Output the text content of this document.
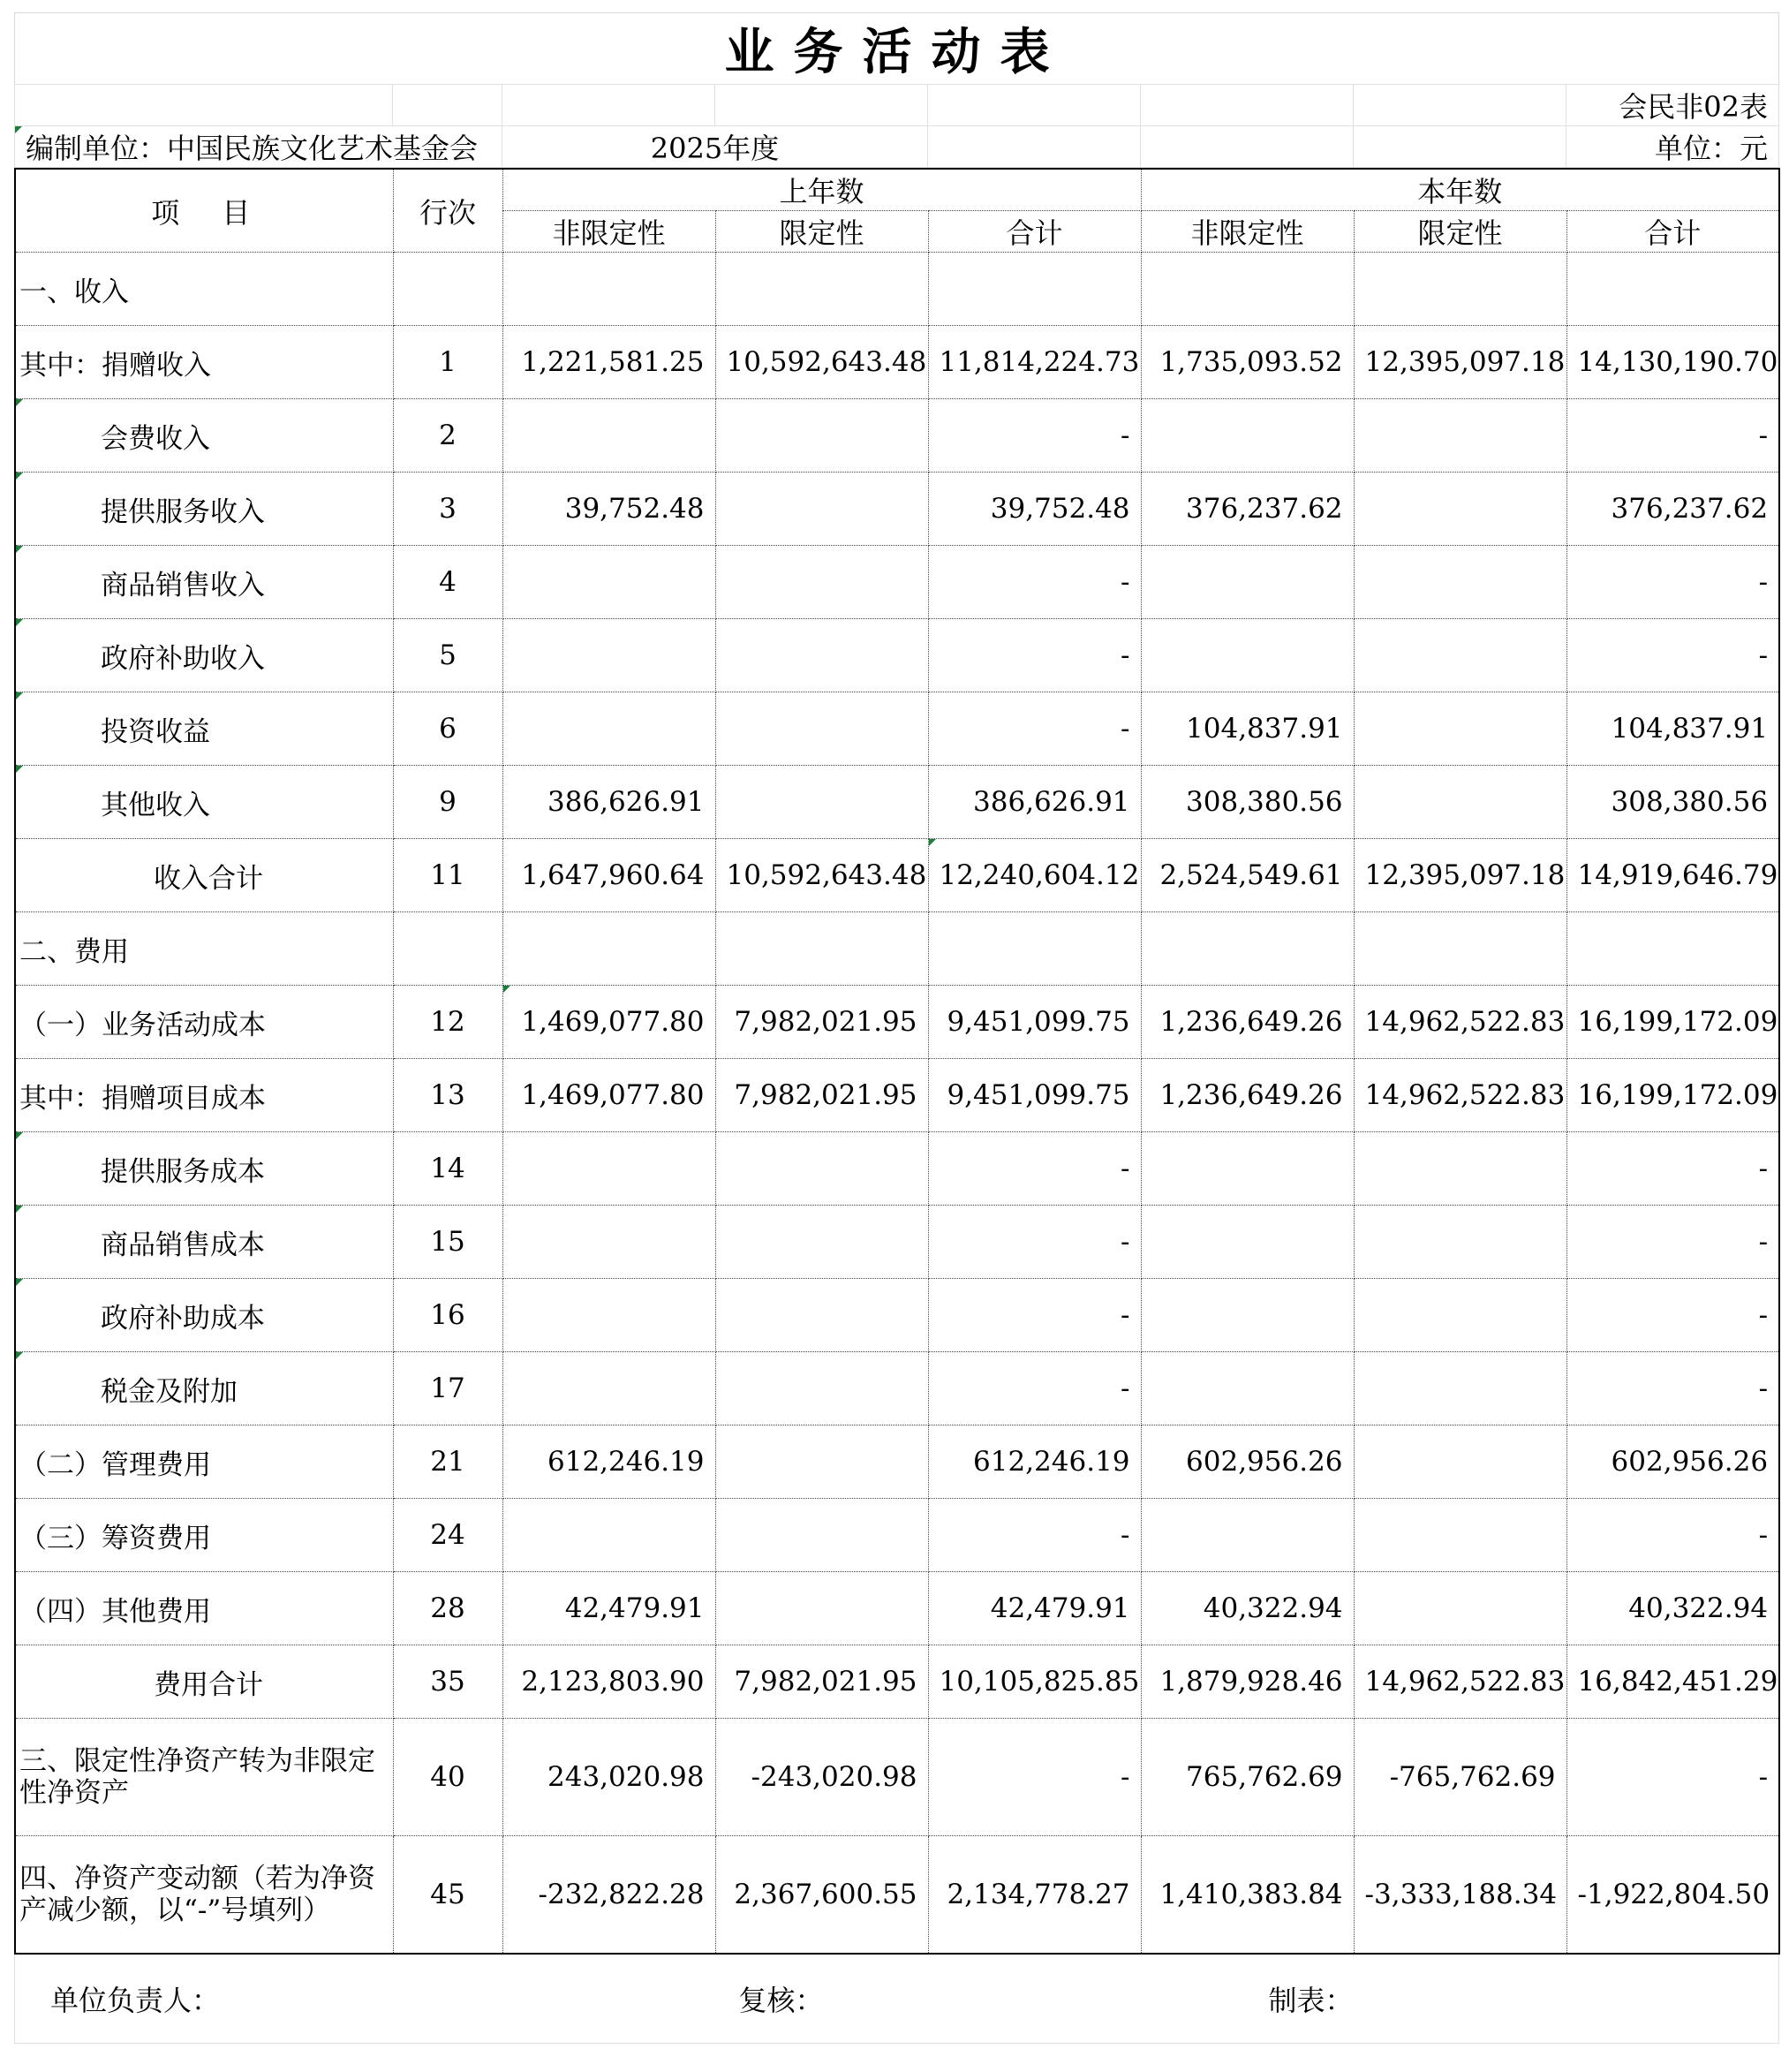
业务活动表							
							会民非02表
编制单位：中国民族文化艺术基金会		2025年度					单位：元
项　目	行次	上年数			本年数		
		非限定性	限定性	合计	非限定性	限定性	合计
一、收入							
其中：捐赠收入	1	1,221,581.25	10,592,643.48	11,814,224.73	1,735,093.52	12,395,097.18	14,130,190.70
会费收入	2			-			-
提供服务收入	3	39,752.48		39,752.48	376,237.62		376,237.62
商品销售收入	4			-			-
政府补助收入	5			-			-
投资收益	6			-	104,837.91		104,837.91
其他收入	9	386,626.91		386,626.91	308,380.56		308,380.56
收入合计	11	1,647,960.64	10,592,643.48	12,240,604.12	2,524,549.61	12,395,097.18	14,919,646.79
二、费用							
（一）业务活动成本	12	1,469,077.80	7,982,021.95	9,451,099.75	1,236,649.26	14,962,522.83	16,199,172.09
其中：捐赠项目成本	13	1,469,077.80	7,982,021.95	9,451,099.75	1,236,649.26	14,962,522.83	16,199,172.09
提供服务成本	14			-			-
商品销售成本	15			-			-
政府补助成本	16			-			-
税金及附加	17			-			-
（二）管理费用	21	612,246.19		612,246.19	602,956.26		602,956.26
（三）筹资费用	24			-			-
（四）其他费用	28	42,479.91		42,479.91	40,322.94		40,322.94
费用合计	35	2,123,803.90	7,982,021.95	10,105,825.85	1,879,928.46	14,962,522.83	16,842,451.29
三、限定性净资产转为非限定性净资产	40	243,020.98	-243,020.98	-	765,762.69	-765,762.69	-
四、净资产变动额（若为净资产减少额，以“-”号填列）	45	-232,822.28	2,367,600.55	2,134,778.27	1,410,383.84	-3,333,188.34	-1,922,804.50
单位负责人：	复核：	制表：
